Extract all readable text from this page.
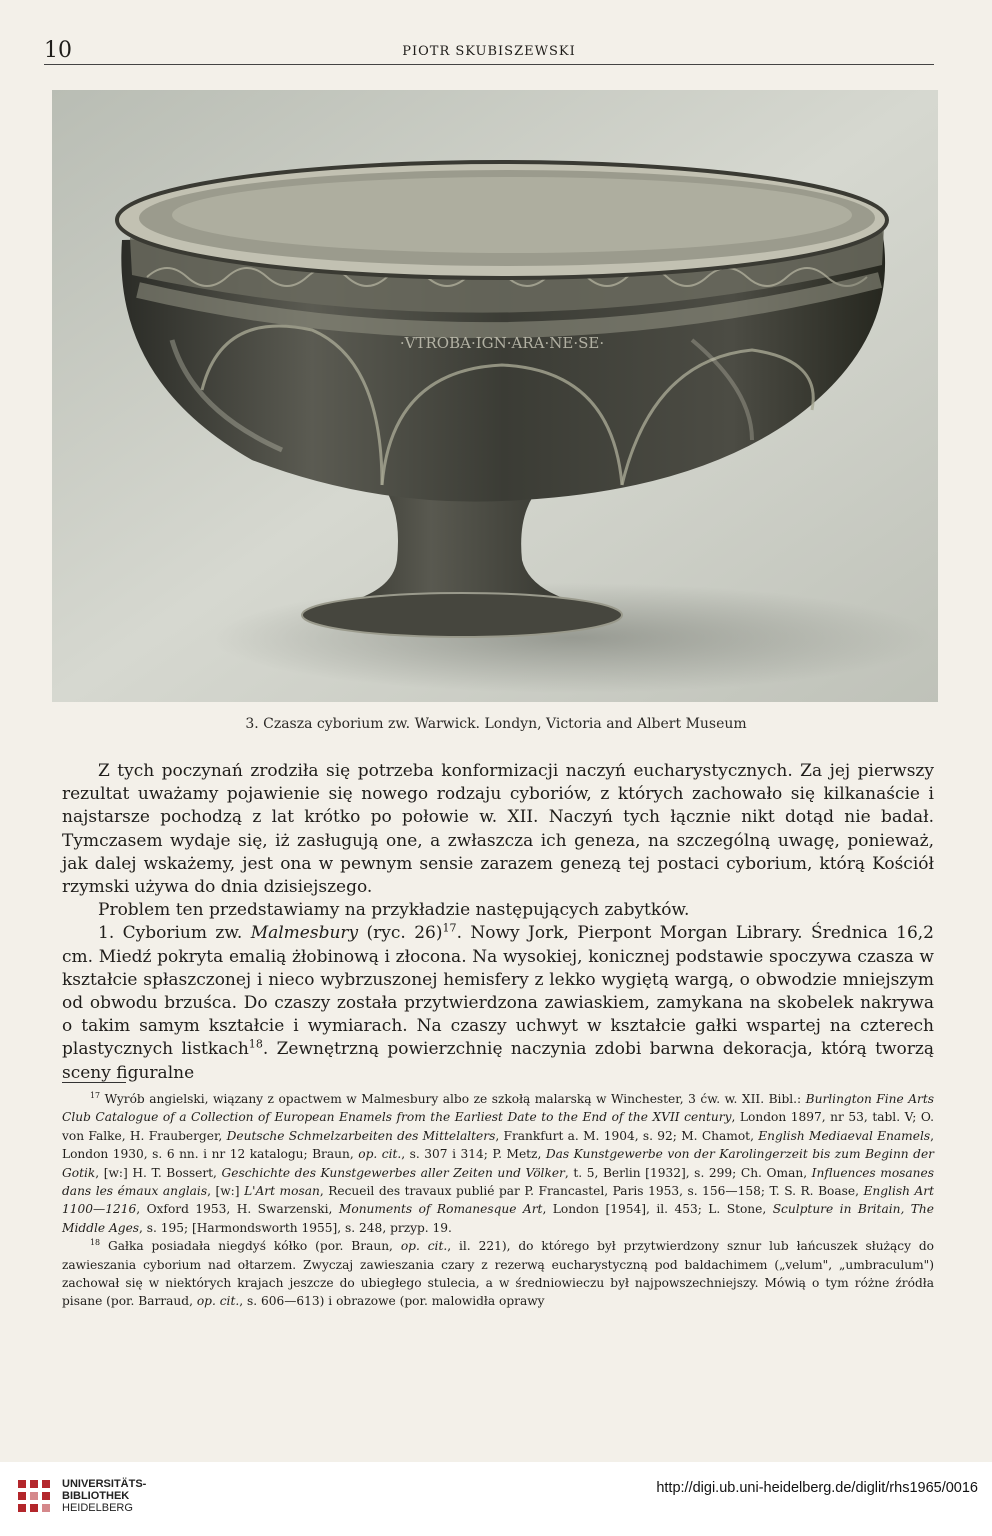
10	PIOTR SKUBISZEWSKI
·VTROBA·IGN·ARA·NE·SE·
3. Czasza cyborium zw. Warwick. Londyn, Victoria and Albert Museum

Z tych poczynań zrodziła się potrzeba konformizacji naczyń eucharystycznych. Za jej pierwszy rezultat uważamy pojawienie się nowego rodzaju cyboriów, z których zachowało się kilkanaście i najstarsze pochodzą z lat krótko po połowie w. XII. Naczyń tych łącznie nikt dotąd nie badał. Tymczasem wydaje się, iż zasługują one, a zwłaszcza ich geneza, na szczególną uwagę, ponieważ, jak dalej wskażemy, jest ona w pewnym sensie zarazem genezą tej postaci cyborium, którą Kościół rzymski używa do dnia dzisiejszego.

Problem ten przedstawiamy na przykładzie następujących zabytków.

1. Cyborium zw. Malmesbury (ryc. 26)$^{17}$. Nowy Jork, Pierpont Morgan Library. Średnica 16,2 cm. Miedź pokryta emalią żłobinową i złocona. Na wysokiej, konicznej podstawie spoczywa czasza w kształcie spłaszczonej i nieco wybrzuszonej hemisfery z lekko wygiętą wargą, o obwodzie mniejszym od obwodu brzuśca. Do czaszy została przytwierdzona zawiaskiem, zamykana na skobelek nakrywa o takim samym kształcie i wymiarach. Na czaszy uchwyt w kształcie gałki wspartej na czterech plastycznych listkach$^{18}$. Zewnętrzną powierzchnię naczynia zdobi barwna dekoracja, którą tworzą sceny figuralne

$^{17}$ Wyrób angielski, wiązany z opactwem w Malmesbury albo ze szkołą malarską w Winchester, 3 ćw. w. XII. Bibl.: Burlington Fine Arts Club Catalogue of a Collection of European Enamels from the Earliest Date to the End of the XVII century, London 1897, nr 53, tabl. V; O. von Falke, H. Frauberger, Deutsche Schmelzarbeiten des Mittelalters, Frankfurt a. M. 1904, s. 92; M. Chamot, English Mediaeval Enamels, London 1930, s. 6 nn. i nr 12 katalogu; Braun, op. cit., s. 307 i 314; P. Metz, Das Kunstgewerbe von der Karolingerzeit bis zum Beginn der Gotik, [w:] H. T. Bossert, Geschichte des Kunstgewerbes aller Zeiten und Völker, t. 5, Berlin [1932], s. 299; Ch. Oman, Influences mosanes dans les émaux anglais, [w:] L'Art mosan, Recueil des travaux publié par P. Francastel, Paris 1953, s. 156—158; T. S. R. Boase, English Art 1100—1216, Oxford 1953, H. Swarzenski, Monuments of Romanesque Art, London [1954], il. 453; L. Stone, Sculpture in Britain, The Middle Ages, s. 195; [Harmondsworth 1955], s. 248, przyp. 19.

$^{18}$ Gałka posiadała niegdyś kółko (por. Braun, op. cit., il. 221), do którego był przytwierdzony sznur lub łańcuszek służący do zawieszania cyborium nad ołtarzem. Zwyczaj zawieszania czary z rezerwą eucharystyczną pod baldachimem („velum", „umbraculum") zachował się w niektórych krajach jeszcze do ubiegłego stulecia, a w średniowieczu był najpowszechniejszy. Mówią o tym różne źródła pisane (por. Barraud, op. cit., s. 606—613) i obrazowe (por. malowidła oprawy

UNIVERSITÄTS-
BIBLIOTHEK
HEIDELBERG
http://digi.ub.uni-heidelberg.de/diglit/rhs1965/0016
